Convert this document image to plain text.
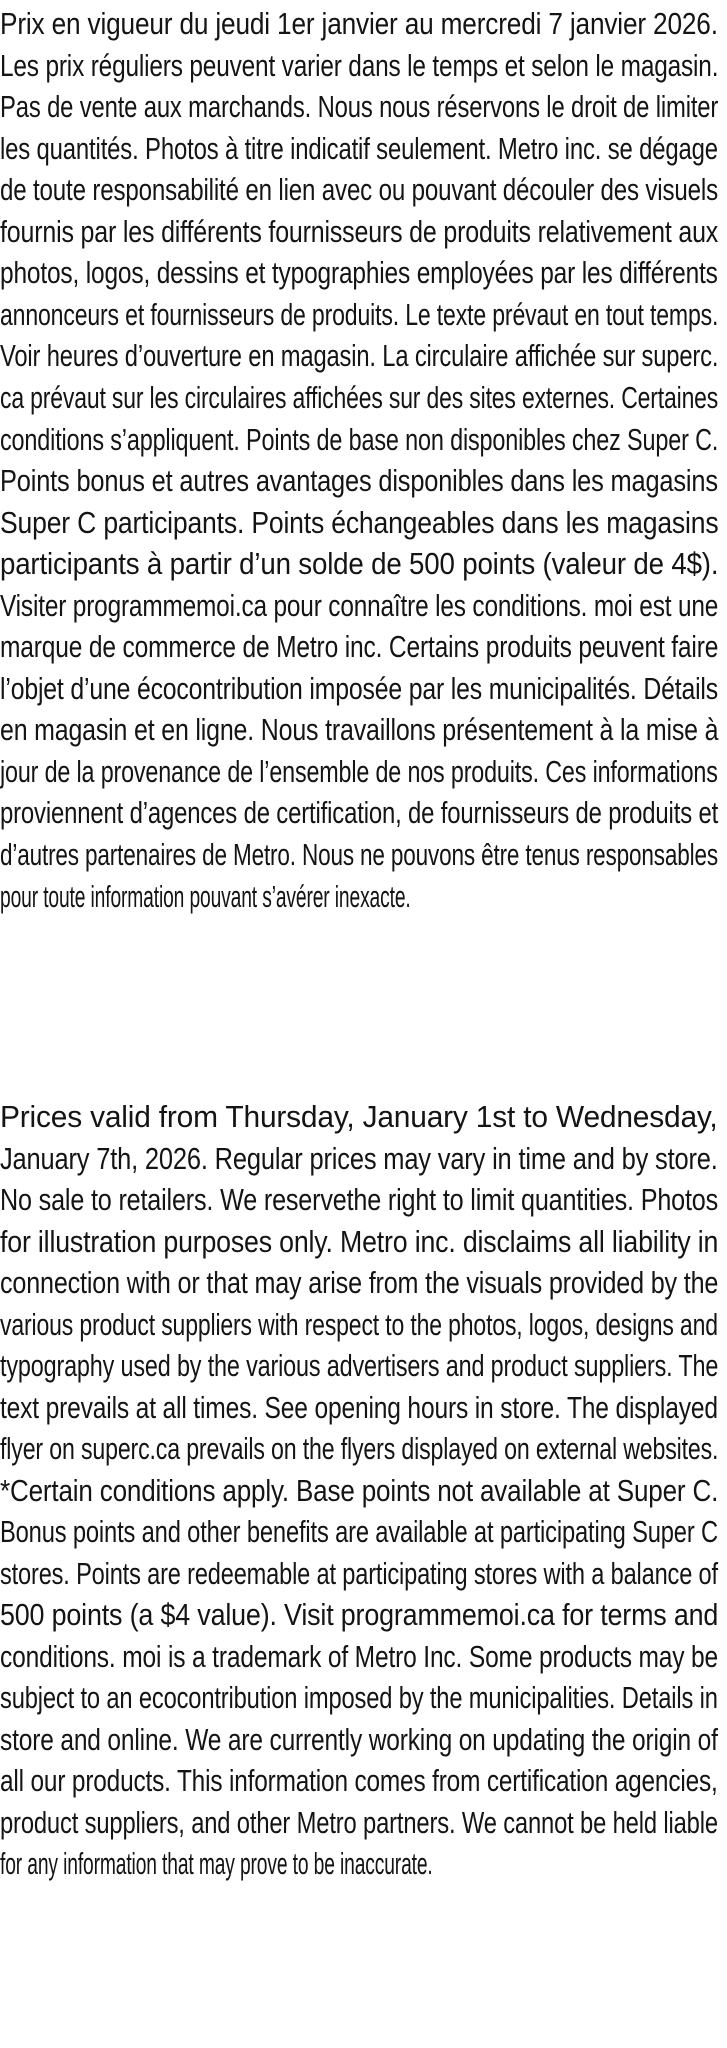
Prix en vigueur du jeudi 1er janvier au mercredi 7 janvier 2026.
Les prix réguliers peuvent varier dans le temps et selon le magasin.
Pas de vente aux marchands. Nous nous réservons le droit de limiter
les quantités. Photos à titre indicatif seulement. Metro inc. se dégage
de toute responsabilité en lien avec ou pouvant découler des visuels
fournis par les différents fournisseurs de produits relativement aux
photos, logos, dessins et typographies employées par les différents
annonceurs et fournisseurs de produits. Le texte prévaut en tout temps.
Voir heures d’ouverture en magasin. La circulaire affichée sur superc.
ca prévaut sur les circulaires affichées sur des sites externes. Certaines
conditions s’appliquent. Points de base non disponibles chez Super C.
Points bonus et autres avantages disponibles dans les magasins
Super C participants. Points échangeables dans les magasins
participants à partir d’un solde de 500 points (valeur de 4$).
Visiter programmemoi.ca pour connaître les conditions. moi est une
marque de commerce de Metro inc. Certains produits peuvent faire
l’objet d’une écocontribution imposée par les municipalités. Détails
en magasin et en ligne. Nous travaillons présentement à la mise à
jour de la provenance de l’ensemble de nos produits. Ces informations
proviennent d’agences de certification, de fournisseurs de produits et
d’autres partenaires de Metro. Nous ne pouvons être tenus responsables
pour toute information pouvant s’avérer inexacte.
Prices valid from Thursday, January 1st to Wednesday,
January 7th, 2026. Regular prices may vary in time and by store.
No sale to retailers. We reservethe right to limit quantities. Photos
for illustration purposes only. Metro inc. disclaims all liability in
connection with or that may arise from the visuals provided by the
various product suppliers with respect to the photos, logos, designs and
typography used by the various advertisers and product suppliers. The
text prevails at all times. See opening hours in store. The displayed
flyer on superc.ca prevails on the flyers displayed on external websites.
*Certain conditions apply. Base points not available at Super C.
Bonus points and other benefits are available at participating Super C
stores. Points are redeemable at participating stores with a balance of
500 points (a $4 value). Visit programmemoi.ca for terms and
conditions. moi is a trademark of Metro Inc. Some products may be
subject to an ecocontribution imposed by the municipalities. Details in
store and online. We are currently working on updating the origin of
all our products. This information comes from certification agencies,
product suppliers, and other Metro partners. We cannot be held liable
for any information that may prove to be inaccurate.
